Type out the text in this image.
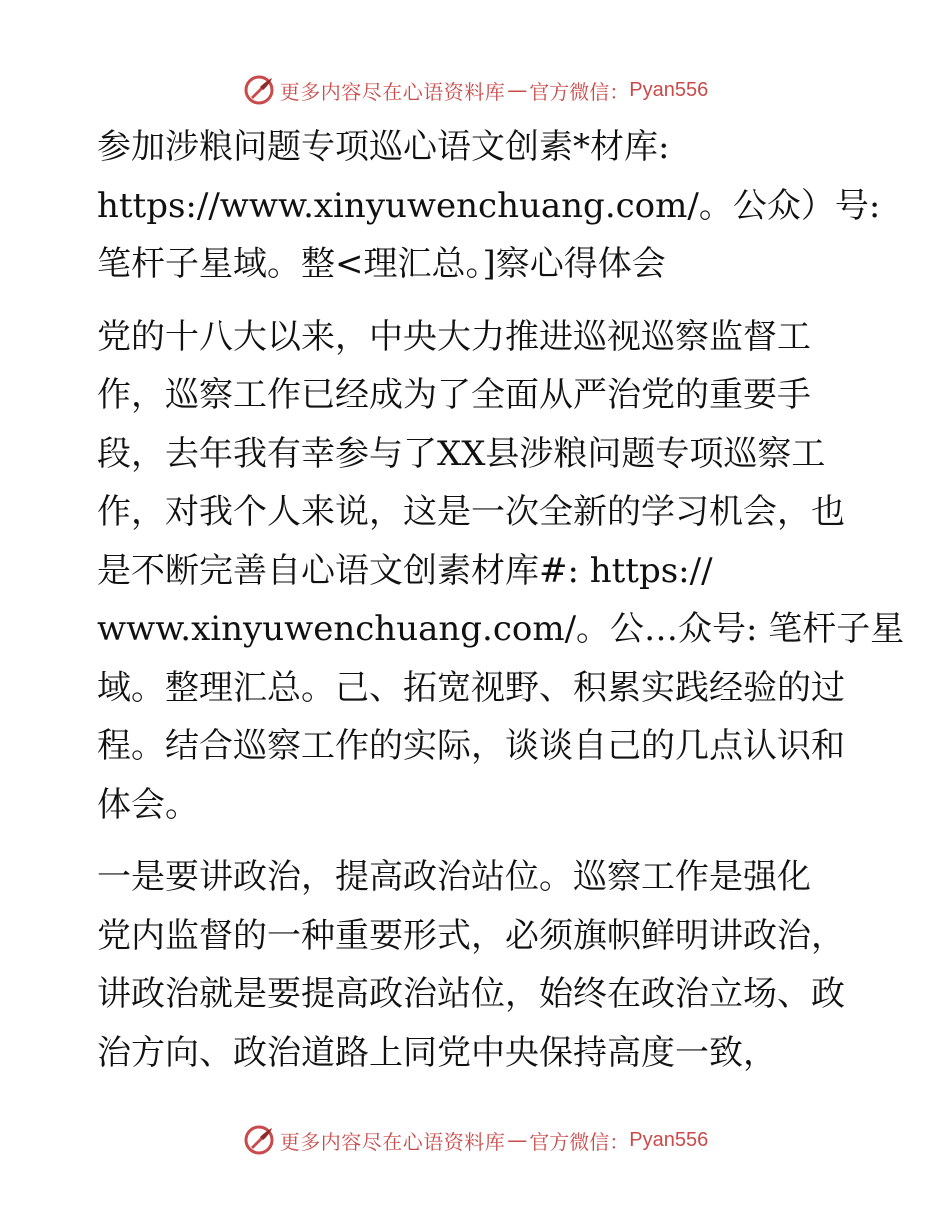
更多内容尽在心语资料库 — 官方微信： Pyan556

参加涉粮问题专项巡心语文创素*材库:
https://www.xinyuwenchuang.com/。公众）号:
笔杆子星域。整<理汇总。]察心得体会

党的十八大以来，中央大力推进巡视巡察监督工
作，巡察工作已经成为了全面从严治党的重要手
段，去年我有幸参与了XX县涉粮问题专项巡察工
作，对我个人来说，这是一次全新的学习机会，也
是不断完善自心语文创素材库#: https://
www.xinyuwenchuang.com/。公…众号: 笔杆子星
域。整理汇总。己、拓宽视野、积累实践经验的过
程。结合巡察工作的实际，谈谈自己的几点认识和
体会。

一是要讲政治，提高政治站位。巡察工作是强化
党内监督的一种重要形式，必须旗帜鲜明讲政治，
讲政治就是要提高政治站位，始终在政治立场、政
治方向、政治道路上同党中央保持高度一致，

更多内容尽在心语资料库 — 官方微信： Pyan556
